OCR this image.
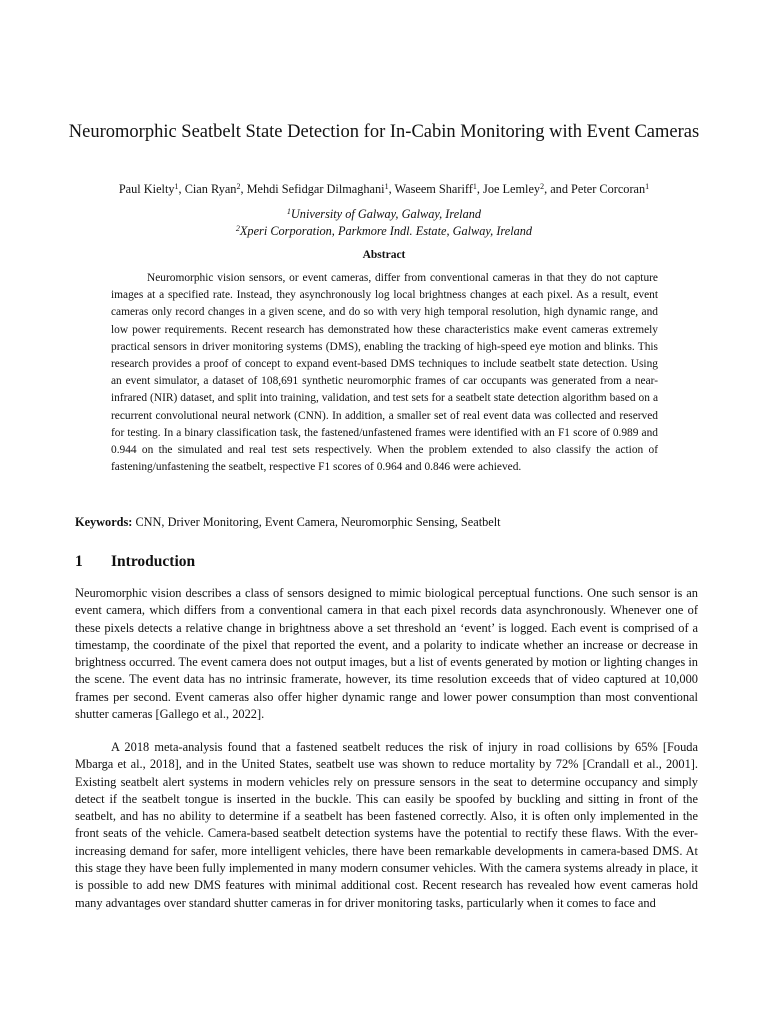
Neuromorphic Seatbelt State Detection for In-Cabin Monitoring with Event Cameras
Paul Kielty$^1$, Cian Ryan$^2$, Mehdi Sefidgar Dilmaghani$^1$, Waseem Shariff$^1$, Joe Lemley$^2$, and Peter Corcoran$^1$
$^1$University of Galway, Galway, Ireland
$^2$Xperi Corporation, Parkmore Indl. Estate, Galway, Ireland
Abstract

Neuromorphic vision sensors, or event cameras, differ from conventional cameras in that they do not capture images at a specified rate. Instead, they asynchronously log local brightness changes at each pixel. As a result, event cameras only record changes in a given scene, and do so with very high temporal resolution, high dynamic range, and low power requirements. Recent research has demonstrated how these characteristics make event cameras extremely practical sensors in driver monitoring systems (DMS), enabling the tracking of high-speed eye motion and blinks. This research provides a proof of concept to expand event-based DMS techniques to include seatbelt state detection. Using an event simulator, a dataset of 108,691 synthetic neuromorphic frames of car occupants was generated from a near-infrared (NIR) dataset, and split into training, validation, and test sets for a seatbelt state detection algorithm based on a recurrent convolutional neural network (CNN). In addition, a smaller set of real event data was collected and reserved for testing. In a binary classification task, the fastened/unfastened frames were identified with an F1 score of 0.989 and 0.944 on the simulated and real test sets respectively. When the problem extended to also classify the action of fastening/unfastening the seatbelt, respective F1 scores of 0.964 and 0.846 were achieved.

Keywords: CNN, Driver Monitoring, Event Camera, Neuromorphic Sensing, Seatbelt

1 Introduction

Neuromorphic vision describes a class of sensors designed to mimic biological perceptual functions. One such sensor is an event camera, which differs from a conventional camera in that each pixel records data asynchronously. Whenever one of these pixels detects a relative change in brightness above a set threshold an ‘event’ is logged. Each event is comprised of a timestamp, the coordinate of the pixel that reported the event, and a polarity to indicate whether an increase or decrease in brightness occurred. The event camera does not output images, but a list of events generated by motion or lighting changes in the scene. The event data has no intrinsic framerate, however, its time resolution exceeds that of video captured at 10,000 frames per second. Event cameras also offer higher dynamic range and lower power consumption than most conventional shutter cameras [Gallego et al., 2022].

A 2018 meta-analysis found that a fastened seatbelt reduces the risk of injury in road collisions by 65% [Fouda Mbarga et al., 2018], and in the United States, seatbelt use was shown to reduce mortality by 72% [Crandall et al., 2001]. Existing seatbelt alert systems in modern vehicles rely on pressure sensors in the seat to determine occupancy and simply detect if the seatbelt tongue is inserted in the buckle. This can easily be spoofed by buckling and sitting in front of the seatbelt, and has no ability to determine if a seatbelt has been fastened correctly. Also, it is often only implemented in the front seats of the vehicle. Camera-based seatbelt detection systems have the potential to rectify these flaws. With the ever-increasing demand for safer, more intelligent vehicles, there have been remarkable developments in camera-based DMS. At this stage they have been fully implemented in many modern consumer vehicles. With the camera systems already in place, it is possible to add new DMS features with minimal additional cost. Recent research has revealed how event cameras hold many advantages over standard shutter cameras in for driver monitoring tasks, particularly when it comes to face and
